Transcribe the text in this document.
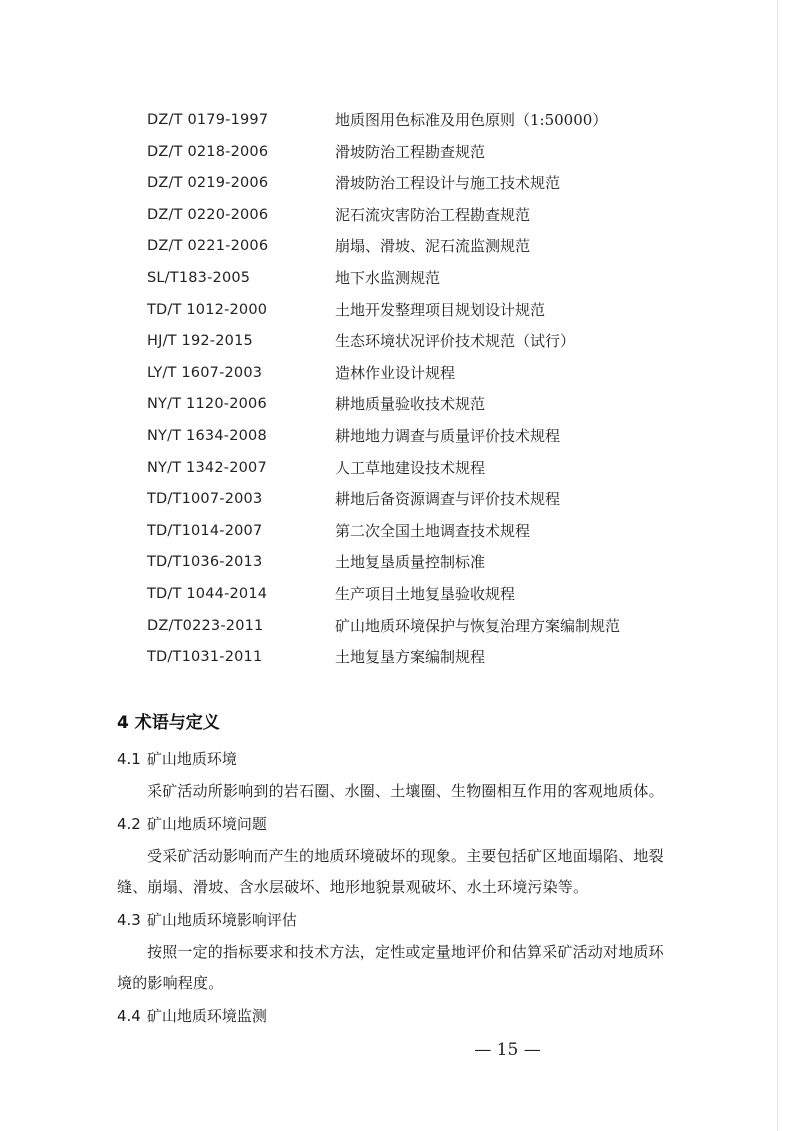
DZ/T 0179-1997	地质图用色标准及用色原则（1:50000）
DZ/T 0218-2006	滑坡防治工程勘查规范
DZ/T 0219-2006	滑坡防治工程设计与施工技术规范
DZ/T 0220-2006	泥石流灾害防治工程勘查规范
DZ/T 0221-2006	崩塌、滑坡、泥石流监测规范
SL/T183-2005	地下水监测规范
TD/T 1012-2000	土地开发整理项目规划设计规范
HJ/T 192-2015	生态环境状况评价技术规范（试行）
LY/T 1607-2003	造林作业设计规程
NY/T 1120-2006	耕地质量验收技术规范
NY/T 1634-2008	耕地地力调查与质量评价技术规程
NY/T 1342-2007	人工草地建设技术规程
TD/T1007-2003	耕地后备资源调查与评价技术规程
TD/T1014-2007	第二次全国土地调查技术规程
TD/T1036-2013	土地复垦质量控制标准
TD/T 1044-2014	生产项目土地复垦验收规程
DZ/T0223-2011	矿山地质环境保护与恢复治理方案编制规范
TD/T1031-2011	土地复垦方案编制规程
4 术语与定义
4.1 矿山地质环境

采矿活动所影响到的岩石圈、水圈、土壤圈、生物圈相互作用的客观地质体。

4.2 矿山地质环境问题

受采矿活动影响而产生的地质环境破坏的现象。主要包括矿区地面塌陷、地裂缝、崩塌、滑坡、含水层破坏、地形地貌景观破坏、水土环境污染等。

4.3 矿山地质环境影响评估

按照一定的指标要求和技术方法，定性或定量地评价和估算采矿活动对地质环境的影响程度。

4.4 矿山地质环境监测
— 15 —
